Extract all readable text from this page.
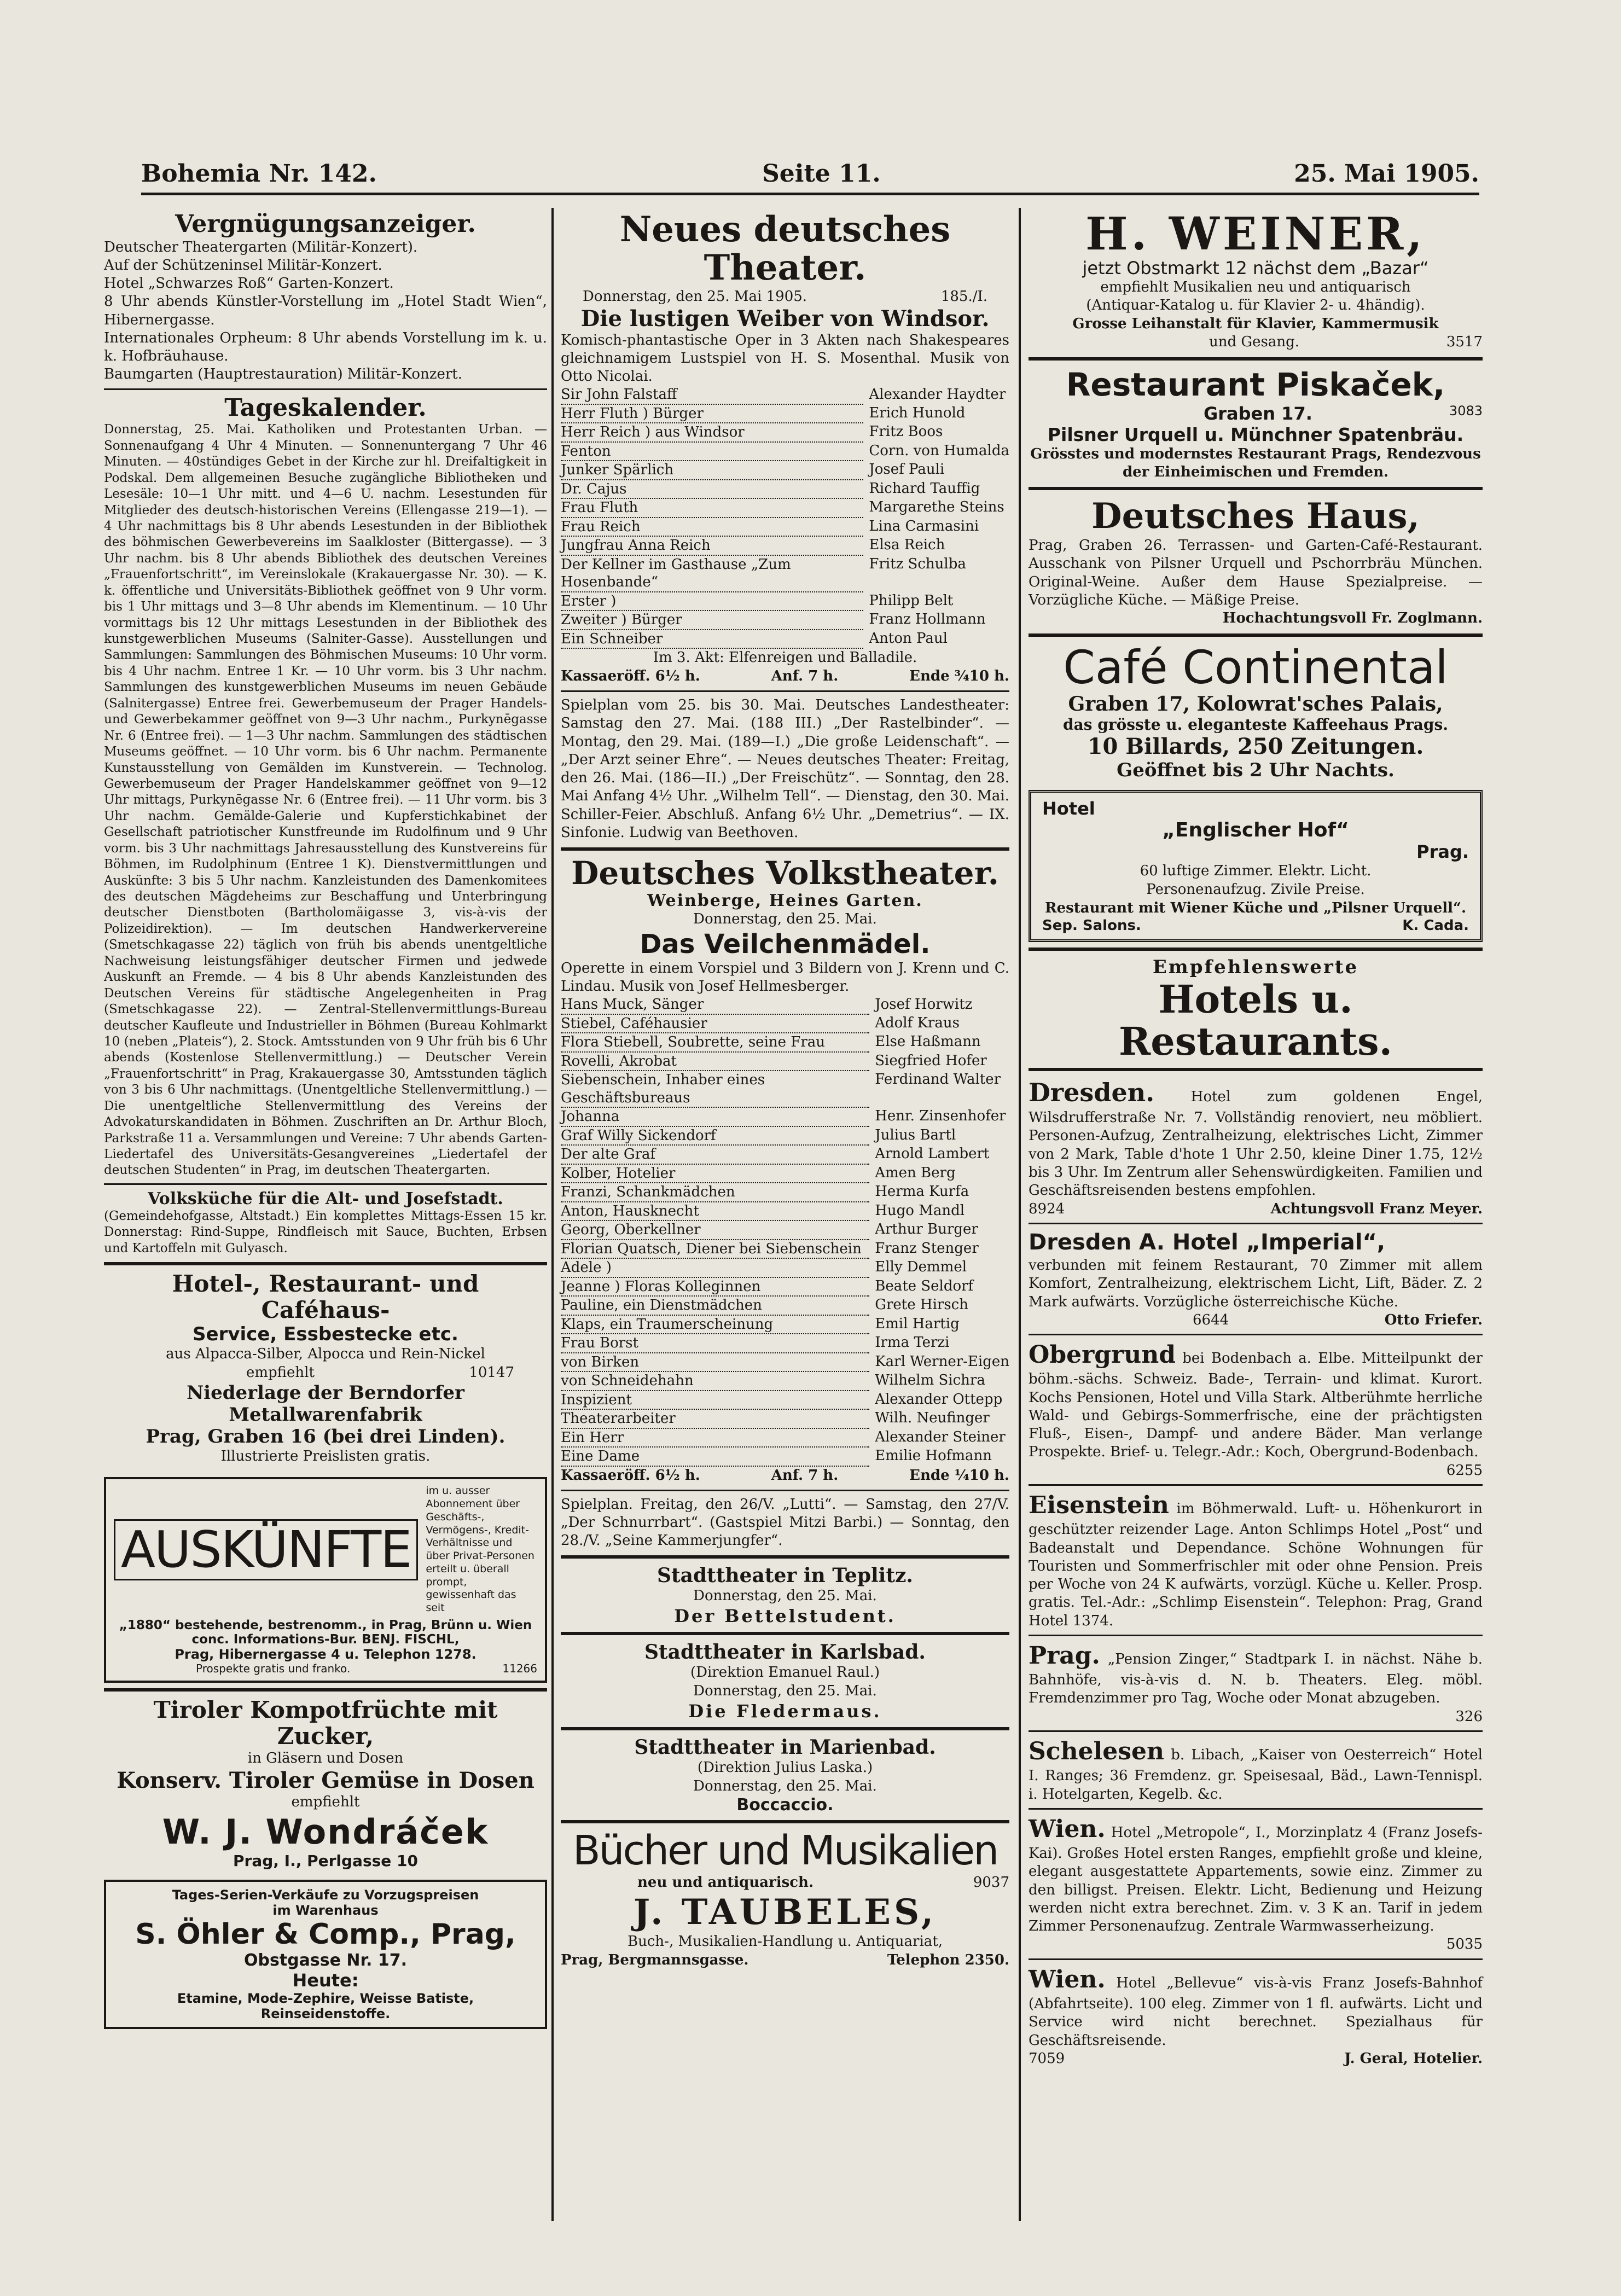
Bohemia Nr. 142.	Seite 11.	25. Mai 1905.
Vergnügungsanzeiger.
Deutscher Theatergarten (Militär-Konzert).
Auf der Schützeninsel Militär-Konzert.
Hotel „Schwarzes Roß“ Garten-Konzert.
8 Uhr abends Künstler-Vorstellung im „Hotel Stadt Wien“, Hibernergasse.
Internationales Orpheum: 8 Uhr abends Vorstellung im k. u. k. Hofbräuhause.
Baumgarten (Hauptrestauration) Militär-Konzert.
Tageskalender.
Donnerstag, 25. Mai. Katholiken und Protestanten Urban. — Sonnenaufgang 4 Uhr 4 Minuten. — Sonnenuntergang 7 Uhr 46 Minuten. — 40stündiges Gebet in der Kirche zur hl. Dreifaltigkeit in Podskal. Dem allgemeinen Besuche zugängliche Bibliotheken und Lesesäle: 10—1 Uhr mitt. und 4—6 U. nachm. Lesestunden für Mitglieder des deutsch-historischen Vereins (Ellengasse 219—1). — 4 Uhr nachmittags bis 8 Uhr abends Lesestunden in der Bibliothek des böhmischen Gewerbevereins im Saalkloster (Bittergasse). — 3 Uhr nachm. bis 8 Uhr abends Bibliothek des deutschen Vereines „Frauenfortschritt“, im Vereinslokale (Krakauergasse Nr. 30). — K. k. öffentliche und Universitäts-Bibliothek geöffnet von 9 Uhr vorm. bis 1 Uhr mittags und 3—8 Uhr abends im Klementinum. — 10 Uhr vormittags bis 12 Uhr mittags Lesestunden in der Bibliothek des kunstgewerblichen Museums (Salniter-Gasse). Ausstellungen und Sammlungen: Sammlungen des Böhmischen Museums: 10 Uhr vorm. bis 4 Uhr nachm. Entree 1 Kr. — 10 Uhr vorm. bis 3 Uhr nachm. Sammlungen des kunstgewerblichen Museums im neuen Gebäude (Salnitergasse) Entree frei. Gewerbemuseum der Prager Handels- und Gewerbekammer geöffnet von 9—3 Uhr nachm., Purkynēgasse Nr. 6 (Entree frei). — 1—3 Uhr nachm. Sammlungen des städtischen Museums geöffnet. — 10 Uhr vorm. bis 6 Uhr nachm. Permanente Kunstausstellung von Gemälden im Kunstverein. — Technolog. Gewerbemuseum der Prager Handelskammer geöffnet von 9—12 Uhr mittags, Purkynēgasse Nr. 6 (Entree frei). — 11 Uhr vorm. bis 3 Uhr nachm. Gemälde-Galerie und Kupferstichkabinet der Gesellschaft patriotischer Kunstfreunde im Rudolfinum und 9 Uhr vorm. bis 3 Uhr nachmittags Jahresausstellung des Kunstvereins für Böhmen, im Rudolphinum (Entree 1 K). Dienstvermittlungen und Auskünfte: 3 bis 5 Uhr nachm. Kanzleistunden des Damenkomitees des deutschen Mägdeheims zur Beschaffung und Unterbringung deutscher Dienstboten (Bartholomäigasse 3, vis-à-vis der Polizeidirektion). — Im deutschen Handwerkervereine (Smetschkagasse 22) täglich von früh bis abends unentgeltliche Nachweisung leistungsfähiger deutscher Firmen und jedwede Auskunft an Fremde. — 4 bis 8 Uhr abends Kanzleistunden des Deutschen Vereins für städtische Angelegenheiten in Prag (Smetschkagasse 22). — Zentral-Stellenvermittlungs-Bureau deutscher Kaufleute und Industrieller in Böhmen (Bureau Kohlmarkt 10 (neben „Plateis“), 2. Stock. Amtsstunden von 9 Uhr früh bis 6 Uhr abends (Kostenlose Stellenvermittlung.) — Deutscher Verein „Frauenfortschritt“ in Prag, Krakauergasse 30, Amtsstunden täglich von 3 bis 6 Uhr nachmittags. (Unentgeltliche Stellenvermittlung.) — Die unentgeltliche Stellenvermittlung des Vereins der Advokaturskandidaten in Böhmen. Zuschriften an Dr. Arthur Bloch, Parkstraße 11 a. Versammlungen und Vereine: 7 Uhr abends Garten-Liedertafel des Universitäts-Gesangvereines „Liedertafel der deutschen Studenten“ in Prag, im deutschen Theatergarten.
Volksküche für die Alt- und Josefstadt.
(Gemeindehofgasse, Altstadt.) Ein komplettes Mittags-Essen 15 kr. Donnerstag: Rind-Suppe, Rindfleisch mit Sauce, Buchten, Erbsen und Kartoffeln mit Gulyasch.
Hotel-, Restaurant- und Caféhaus-
Service, Essbestecke etc.
aus Alpacca-Silber, Alpocca und Rein-Nickel
empfiehlt	10147
Niederlage der Berndorfer Metallwarenfabrik
Prag, Graben 16 (bei drei Linden).
Illustrierte Preislisten gratis.
AUSKÜNFTE
im u. ausser Abonnement über Geschäfts-, Vermögens-, Kredit-Verhältnisse und über Privat-Personen erteilt u. überall prompt, gewissenhaft das seit
„1880“ bestehende, bestrenomm., in Prag, Brünn u. Wien conc. Informations-Bur. BENJ. FISCHL,
Prag, Hibernergasse 4 u. Telephon 1278.
Prospekte gratis und franko.	11266
Tiroler Kompotfrüchte mit Zucker,
in Gläsern und Dosen
Konserv. Tiroler Gemüse in Dosen
empfiehlt
W. J. Wondráček
Prag, I., Perlgasse 10
Tages-Serien-Verkäufe zu Vorzugspreisen
im Warenhaus
S. Öhler & Comp., Prag,
Obstgasse Nr. 17.
Heute:
Etamine, Mode-Zephire, Weisse Batiste, Reinseidenstoffe.
Neues deutsches Theater.
Donnerstag, den 25. Mai 1905.	185./I.
Die lustigen Weiber von Windsor.
Komisch-phantastische Oper in 3 Akten nach Shakespeares gleichnamigem Lustspiel von H. S. Mosenthal. Musik von Otto Nicolai.
Sir John Falstaff	Alexander Haydter
Herr Fluth ) Bürger	Erich Hunold
Herr Reich ) aus Windsor	Fritz Boos
Fenton	Corn. von Humalda
Junker Spärlich	Josef Pauli
Dr. Cajus	Richard Tauffig
Frau Fluth	Margarethe Steins
Frau Reich	Lina Carmasini
Jungfrau Anna Reich	Elsa Reich
Der Kellner im Gasthause „Zum Hosenbande“	Fritz Schulba
Erster )	Philipp Belt
Zweiter ) Bürger	Franz Hollmann
Ein Schneiber	Anton Paul
Im 3. Akt: Elfenreigen und Balladile.
Kassaeröff. 6½ h.	Anf. 7 h.	Ende ¾10 h.
Spielplan vom 25. bis 30. Mai. Deutsches Landestheater: Samstag den 27. Mai. (188 III.) „Der Rastelbinder“. — Montag, den 29. Mai. (189—I.) „Die große Leidenschaft“. — „Der Arzt seiner Ehre“. — Neues deutsches Theater: Freitag, den 26. Mai. (186—II.) „Der Freischütz“. — Sonntag, den 28. Mai Anfang 4½ Uhr. „Wilhelm Tell“. — Dienstag, den 30. Mai. Schiller-Feier. Abschluß. Anfang 6½ Uhr. „Demetrius“. — IX. Sinfonie. Ludwig van Beethoven.
Deutsches Volkstheater.
Weinberge, Heines Garten.
Donnerstag, den 25. Mai.
Das Veilchenmädel.
Operette in einem Vorspiel und 3 Bildern von J. Krenn und C. Lindau. Musik von Josef Hellmesberger.
Hans Muck, Sänger	Josef Horwitz
Stiebel, Caféhausier	Adolf Kraus
Flora Stiebell, Soubrette, seine Frau	Else Haßmann
Rovelli, Akrobat	Siegfried Hofer
Siebenschein, Inhaber eines Geschäftsbureaus	Ferdinand Walter
Johanna	Henr. Zinsenhofer
Graf Willy Sickendorf	Julius Bartl
Der alte Graf	Arnold Lambert
Kolber, Hotelier	Amen Berg
Franzi, Schankmädchen	Herma Kurfa
Anton, Hausknecht	Hugo Mandl
Georg, Oberkellner	Arthur Burger
Florian Quatsch, Diener bei Siebenschein	Franz Stenger
Adele )	Elly Demmel
Jeanne ) Floras Kolleginnen	Beate Seldorf
Pauline, ein Dienstmädchen	Grete Hirsch
Klaps, ein Traumerscheinung	Emil Hartig
Frau Borst	Irma Terzi
von Birken	Karl Werner-Eigen
von Schneidehahn	Wilhelm Sichra
Inspizient	Alexander Ottepp
Theaterarbeiter	Wilh. Neufinger
Ein Herr	Alexander Steiner
Eine Dame	Emilie Hofmann
Kassaeröff. 6½ h.	Anf. 7 h.	Ende ¼10 h.
Spielplan. Freitag, den 26/V. „Lutti“. — Samstag, den 27/V. „Der Schnurrbart“. (Gastspiel Mitzi Barbi.) — Sonntag, den 28./V. „Seine Kammerjungfer“.
Stadttheater in Teplitz.
Donnerstag, den 25. Mai.
Der Bettelstudent.
Stadttheater in Karlsbad.
(Direktion Emanuel Raul.)
Donnerstag, den 25. Mai.
Die Fledermaus.
Stadttheater in Marienbad.
(Direktion Julius Laska.)
Donnerstag, den 25. Mai.
Boccaccio.
Bücher und Musikalien
neu und antiquarisch.	9037
J. TAUBELES,
Buch-, Musikalien-Handlung u. Antiquariat,
Prag, Bergmannsgasse.	Telephon 2350.
H. WEINER,
jetzt Obstmarkt 12 nächst dem „Bazar“
empfiehlt Musikalien neu und antiquarisch
(Antiquar-Katalog u. für Klavier 2- u. 4händig).
Grosse Leihanstalt für Klavier, Kammermusik
und Gesang.	3517
Restaurant Piskaček,
Graben 17.	3083
Pilsner Urquell u. Münchner Spatenbräu.
Grösstes und modernstes Restaurant Prags, Rendezvous der Einheimischen und Fremden.
Deutsches Haus,
Prag, Graben 26. Terrassen- und Garten-Café-Restaurant. Ausschank von Pilsner Urquell und Pschorrbräu München. Original-Weine. Außer dem Hause Spezialpreise. — Vorzügliche Küche. — Mäßige Preise.
Hochachtungsvoll Fr. Zoglmann.
Café Continental
Graben 17, Kolowrat'sches Palais,
das grösste u. eleganteste Kaffeehaus Prags.
10 Billards, 250 Zeitungen.
Geöffnet bis 2 Uhr Nachts.
Hotel
„Englischer Hof“
Prag.
60 luftige Zimmer. Elektr. Licht.
Personenaufzug. Zivile Preise.
Restaurant mit Wiener Küche und „Pilsner Urquell“.
Sep. Salons.	K. Cada.
Empfehlenswerte
Hotels u. Restaurants.
Dresden.	Hotel zum goldenen Engel, Wilsdrufferstraße Nr. 7. Vollständig renoviert, neu möbliert. Personen-Aufzug, Zentralheizung, elektrisches Licht, Zimmer von 2 Mark, Table d'hote 1 Uhr 2.50, kleine Diner 1.75, 12½ bis 3 Uhr. Im Zentrum aller Sehenswürdigkeiten. Familien und Geschäftsreisenden bestens empfohlen.
8924	Achtungsvoll Franz Meyer.
Dresden A. Hotel „Imperial“,
verbunden mit feinem Restaurant, 70 Zimmer mit allem Komfort, Zentralheizung, elektrischem Licht, Lift, Bäder. Z. 2 Mark aufwärts. Vorzügliche österreichische Küche.
6644	Otto Friefer.
Obergrund bei Bodenbach a. Elbe. Mitteilpunkt der böhm.-sächs. Schweiz. Bade-, Terrain- und klimat. Kurort. Kochs Pensionen, Hotel und Villa Stark. Altberühmte herrliche Wald- und Gebirgs-Sommerfrische, eine der prächtigsten Fluß-, Eisen-, Dampf- und andere Bäder. Man verlange Prospekte. Brief- u. Telegr.-Adr.: Koch, Obergrund-Bodenbach.
6255
Eisenstein im Böhmerwald. Luft- u. Höhenkurort in geschützter reizender Lage. Anton Schlimps Hotel „Post“ und Badeanstalt und Dependance. Schöne Wohnungen für Touristen und Sommerfrischler mit oder ohne Pension. Preis per Woche von 24 K aufwärts, vorzügl. Küche u. Keller. Prosp. gratis. Tel.-Adr.: „Schlimp Eisenstein“. Telephon: Prag, Grand Hotel 1374.
Prag. „Pension Zinger,“ Stadtpark I. in nächst. Nähe b. Bahnhöfe, vis-à-vis d. N. b. Theaters. Eleg. möbl. Fremdenzimmer pro Tag, Woche oder Monat abzugeben.
326
Schelesen b. Libach, „Kaiser von Oesterreich“ Hotel I. Ranges; 36 Fremdenz. gr. Speisesaal, Bäd., Lawn-Tennispl. i. Hotelgarten, Kegelb. &c.
Wien. Hotel „Metropole“, I., Morzinplatz 4 (Franz Josefs-Kai). Großes Hotel ersten Ranges, empfiehlt große und kleine, elegant ausgestattete Appartements, sowie einz. Zimmer zu den billigst. Preisen. Elektr. Licht, Bedienung und Heizung werden nicht extra berechnet. Zim. v. 3 K an. Tarif in jedem Zimmer Personenaufzug. Zentrale Warmwasserheizung.
5035
Wien. Hotel „Bellevue“ vis-à-vis Franz Josefs-Bahnhof (Abfahrtseite). 100 eleg. Zimmer von 1 fl. aufwärts. Licht und Service wird nicht berechnet. Spezialhaus für Geschäftsreisende.
7059	J. Geral, Hotelier.
